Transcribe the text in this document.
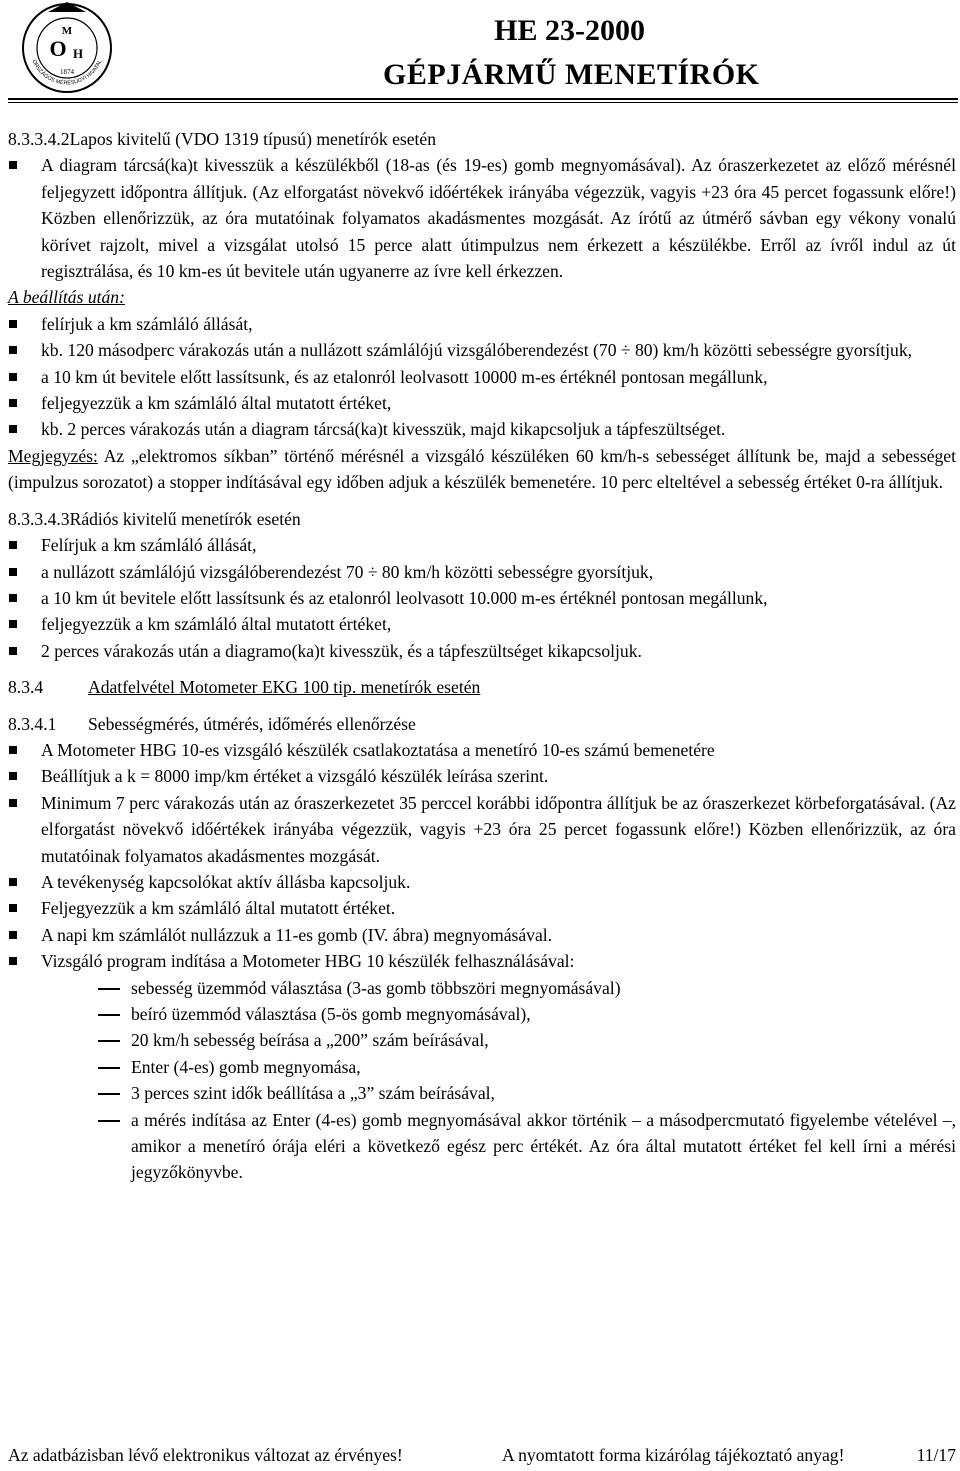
M
O H
1874
ORSZÁGOS MÉRÉSÜGYI HIVATAL
HE 23-2000
GÉPJÁRMŰ MENETÍRÓK

8.3.3.4.2Lapos kivitelű (VDO 1319 típusú) menetírók esetén

A diagram tárcsá(ka)t kivesszük a készülékből (18-as (és 19-es) gomb megnyomásával). Az óraszerkezetet az előző mérésnél feljegyzett időpontra állítjuk. (Az elforgatást növekvő időértékek irányába végezzük, vagyis +23 óra 45 percet fogassunk előre!) Közben ellenőrizzük, az óra mutatóinak folyamatos akadásmentes mozgását. Az írótű az útmérő sávban egy vékony vonalú körívet rajzolt, mivel a vizsgálat utolsó 15 perce alatt útimpulzus nem érkezett a készülékbe. Erről az ívről indul az út regisztrálása, és 10 km-es út bevitele után ugyanerre az ívre kell érkezzen.

A beállítás után:

felírjuk a km számláló állását,
kb. 120 másodperc várakozás után a nullázott számlálójú vizsgálóberendezést (70 ÷ 80) km/h közötti sebességre gyorsítjuk,
a 10 km út bevitele előtt lassítsunk, és az etalonról leolvasott 10000 m-es értéknél pontosan megállunk,
feljegyezzük a km számláló által mutatott értéket,
kb. 2 perces várakozás után a diagram tárcsá(ka)t kivesszük, majd kikapcsoljuk a tápfeszültséget.

Megjegyzés: Az „elektromos síkban” történő mérésnél a vizsgáló készüléken 60 km/h-s sebességet állítunk be, majd a sebességet (impulzus sorozatot) a stopper indításával egy időben adjuk a készülék bemenetére. 10 perc elteltével a sebesség értéket 0-ra állítjuk.

8.3.3.4.3Rádiós kivitelű menetírók esetén

Felírjuk a km számláló állását,
a nullázott számlálójú vizsgálóberendezést 70 ÷ 80 km/h közötti sebességre gyorsítjuk,
a 10 km út bevitele előtt lassítsunk és az etalonról leolvasott 10.000 m-es értéknél pontosan megállunk,
feljegyezzük a km számláló által mutatott értéket,
2 perces várakozás után a diagramo(ka)t kivesszük, és a tápfeszültséget kikapcsoljuk.

8.3.4	Adatfelvétel Motometer EKG 100 tip. menetírók esetén

8.3.4.1 Sebességmérés, útmérés, időmérés ellenőrzése

A Motometer HBG 10-es vizsgáló készülék csatlakoztatása a menetíró 10-es számú bemenetére
Beállítjuk a k = 8000 imp/km értéket a vizsgáló készülék leírása szerint.
Minimum 7 perc várakozás után az óraszerkezetet 35 perccel korábbi időpontra állítjuk be az óraszerkezet körbeforgatásával. (Az elforgatást növekvő időértékek irányába végezzük, vagyis +23 óra 25 percet fogassunk előre!) Közben ellenőrizzük, az óra mutatóinak folyamatos akadásmentes mozgását.
A tevékenység kapcsolókat aktív állásba kapcsoljuk.
Feljegyezzük a km számláló által mutatott értéket.
A napi km számlálót nullázzuk a 11-es gomb (IV. ábra) megnyomásával.
Vizsgáló program indítása a Motometer HBG 10 készülék felhasználásával:
sebesség üzemmód választása (3-as gomb többszöri megnyomásával)
beíró üzemmód választása (5-ös gomb megnyomásával),
20 km/h sebesség beírása a „200” szám beírásával,
Enter (4-es) gomb megnyomása,
3 perces szint idők beállítása a „3” szám beírásával,
a mérés indítása az Enter (4-es) gomb megnyomásával akkor történik – a másodpercmutató figyelembe vételével –, amikor a menetíró órája eléri a következő egész perc értékét. Az óra által mutatott értéket fel kell írni a mérési jegyzőkönyvbe.
Az adatbázisban lévő elektronikus változat az érvényes!	A nyomtatott forma kizárólag tájékoztató anyag!	11/17
